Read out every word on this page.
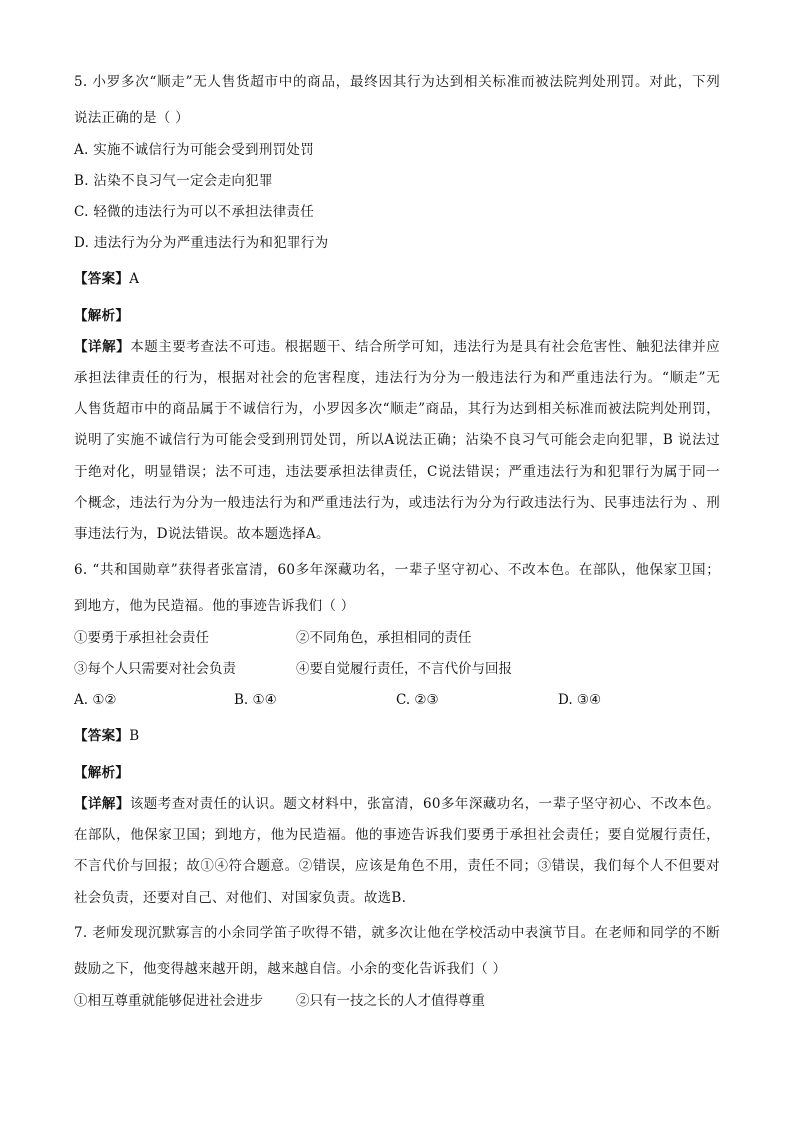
5. 小罗多次“顺走”无人售货超市中的商品，最终因其行为达到相关标准而被法院判处刑罚。对此，下列
说法正确的是（ ）
A. 实施不诚信行为可能会受到刑罚处罚
B. 沾染不良习气一定会走向犯罪
C. 轻微的违法行为可以不承担法律责任
D. 违法行为分为严重违法行为和犯罪行为
【答案】A
【解析】
【详解】本题主要考查法不可违。根据题干、结合所学可知，违法行为是具有社会危害性、触犯法律并应
承担法律责任的行为，根据对社会的危害程度，违法行为分为一般违法行为和严重违法行为。“顺走”无
人售货超市中的商品属于不诚信行为，小罗因多次“顺走”商品，其行为达到相关标准而被法院判处刑罚，
说明了实施不诚信行为可能会受到刑罚处罚，所以A说法正确；沾染不良习气可能会走向犯罪，B 说法过
于绝对化，明显错误；法不可违，违法要承担法律责任，C说法错误；严重违法行为和犯罪行为属于同一
个概念，违法行为分为一般违法行为和严重违法行为，或违法行为分为行政违法行为、民事违法行为 、刑
事违法行为，D说法错误。故本题选择A。
6. “共和国勋章”获得者张富清，60多年深藏功名，一辈子坚守初心、不改本色。在部队，他保家卫国；
到地方，他为民造福。他的事迹告诉我们（ ）
①要勇于承担社会责任	②不同角色，承担相同的责任
③每个人只需要对社会负责	④要自觉履行责任，不言代价与回报
A. ①②	B. ①④	C. ②③	D. ③④
【答案】B
【解析】
【详解】该题考查对责任的认识。题文材料中，张富清，60多年深藏功名，一辈子坚守初心、不改本色。
在部队，他保家卫国；到地方，他为民造福。他的事迹告诉我们要勇于承担社会责任；要自觉履行责任，
不言代价与回报；故①④符合题意。②错误，应该是角色不用，责任不同；③错误，我们每个人不但要对
社会负责，还要对自己、对他们、对国家负责。故选B.
7. 老师发现沉默寡言的小余同学笛子吹得不错，就多次让他在学校活动中表演节目。在老师和同学的不断
鼓励之下，他变得越来越开朗，越来越自信。小余的变化告诉我们（ ）
①相互尊重就能够促进社会进步 ②只有一技之长的人才值得尊重
